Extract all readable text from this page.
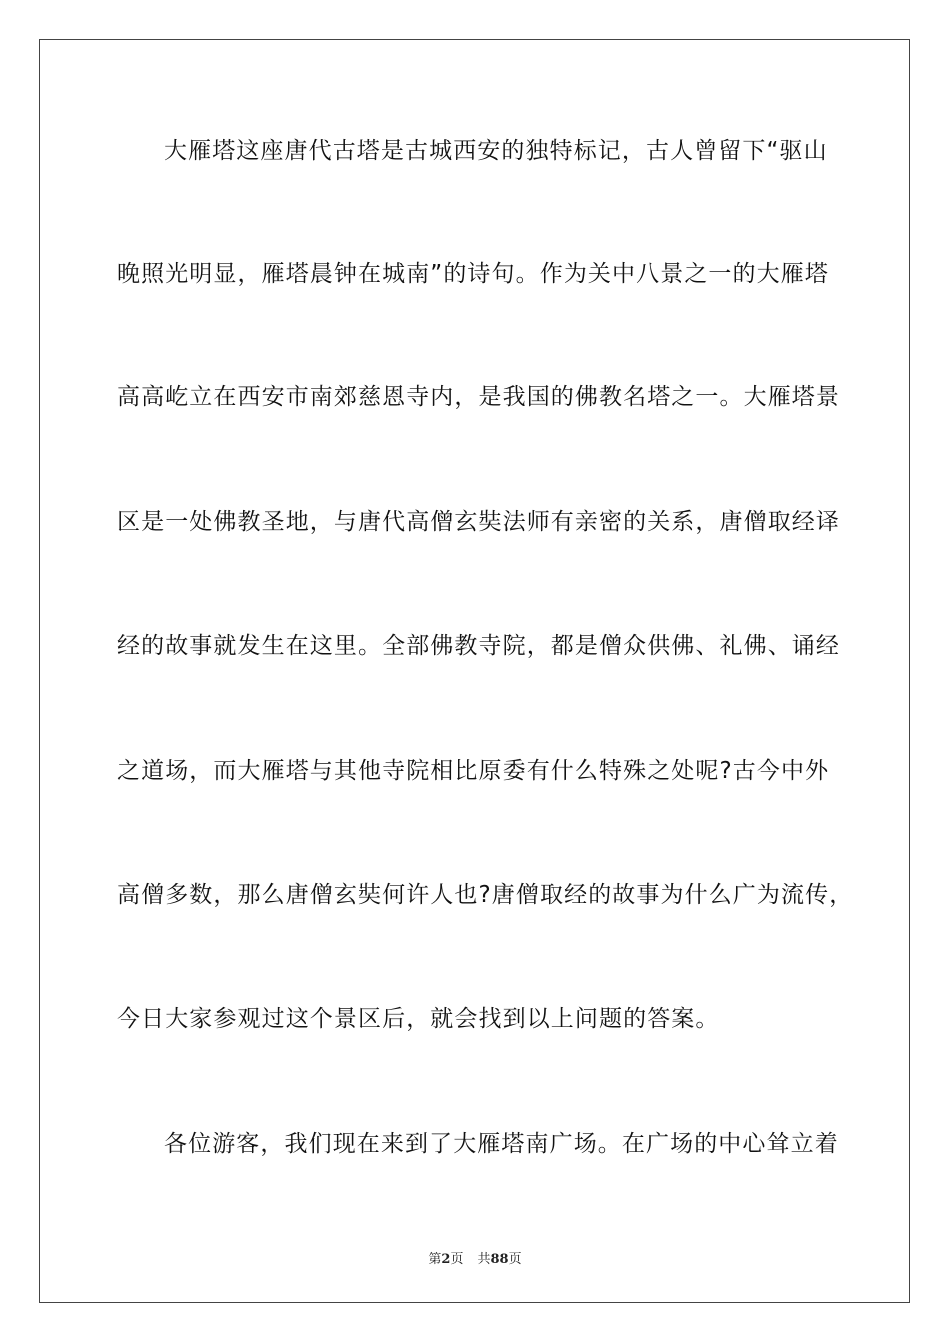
大雁塔这座唐代古塔是古城西安的独特标记，古人曾留下“驱山
晚照光明显，雁塔晨钟在城南”的诗句。作为关中八景之一的大雁塔
高高屹立在西安市南郊慈恩寺内，是我国的佛教名塔之一。大雁塔景
区是一处佛教圣地，与唐代高僧玄奘法师有亲密的关系，唐僧取经译
经的故事就发生在这里。全部佛教寺院，都是僧众供佛、礼佛、诵经
之道场，而大雁塔与其他寺院相比原委有什么特殊之处呢?古今中外
高僧多数，那么唐僧玄奘何许人也?唐僧取经的故事为什么广为流传，
今日大家参观过这个景区后，就会找到以上问题的答案。
各位游客，我们现在来到了大雁塔南广场。在广场的中心耸立着
第2页 共88页
